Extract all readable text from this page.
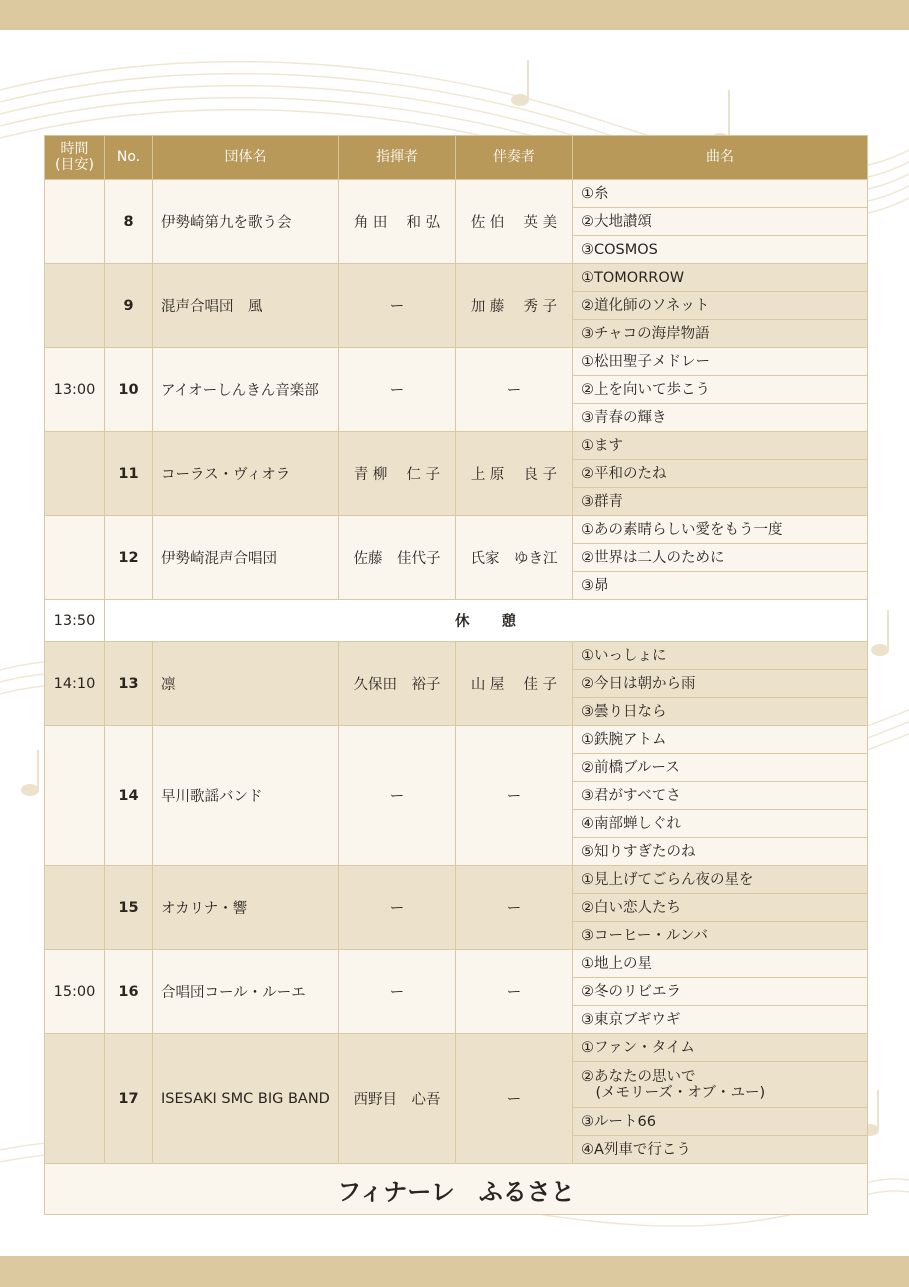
時間
(目安)	No.	団体名	指揮者	伴奏者	曲名
	8	伊勢崎第九を歌う会	角 田　 和 弘	佐 伯　 英 美	①糸
					②大地讃頌
					③COSMOS
	9	混声合唱団　風	ー	加 藤　 秀 子	①TOMORROW
					②道化師のソネット
					③チャコの海岸物語
13:00	10	アイオーしんきん音楽部	ー	ー	①松田聖子メドレー
					②上を向いて歩こう
					③青春の輝き
	11	コーラス・ヴィオラ	青 柳　 仁 子	上 原　 良 子	①ます
					②平和のたね
					③群青
	12	伊勢崎混声合唱団	佐藤　佳代子	氏家　ゆき江	①あの素晴らしい愛をもう一度
					②世界は二人のために
					③昴
13:50	休　　憩				
14:10	13	凛	久保田　裕子	山 屋　 佳 子	①いっしょに
					②今日は朝から雨
					③曇り日なら
	14	早川歌謡バンド	ー	ー	①鉄腕アトム
					②前橋ブルース
					③君がすべてさ
					④南部蝉しぐれ
					⑤知りすぎたのね
	15	オカリナ・響	ー	ー	①見上げてごらん夜の星を
					②白い恋人たち
					③コーヒー・ルンバ
15:00	16	合唱団コール・ルーエ	ー	ー	①地上の星
					②冬のリビエラ
					③東京ブギウギ
	17	ISESAKI SMC BIG BAND	西野目　心吾	ー	①ファン・タイム
					②あなたの思いで
　(メモリーズ・オブ・ユー)
					③ルート66
					④A列車で行こう
フィナーレ　ふるさと					
